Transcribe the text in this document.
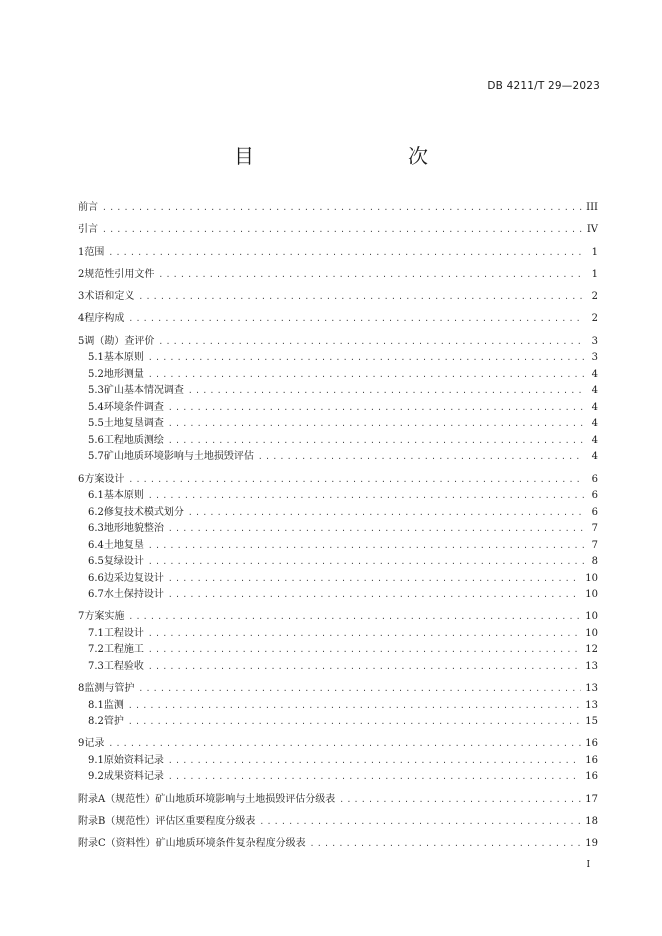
DB 4211/T 29—2023
目　　次
前言 .....	III
引言 .....	IV
1 范围 .....	1
2 规范性引用文件 .....	1
3 术语和定义 .....	2
4 程序构成 .....	2
5 调（勘）查评价 .....	3
5.1 基本原则 .....	3
5.2 地形测量 .....	4
5.3 矿山基本情况调查 .....	4
5.4 环境条件调查 .....	4
5.5 土地复垦调查 .....	4
5.6 工程地质测绘 .....	4
5.7 矿山地质环境影响与土地损毁评估 .....	4
6 方案设计 .....	6
6.1 基本原则 .....	6
6.2 修复技术模式划分 .....	6
6.3 地形地貌整治 .....	7
6.4 土地复垦 .....	7
6.5 复绿设计 .....	8
6.6 边采边复设计 .....	10
6.7 水土保持设计 .....	10
7 方案实施 .....	10
7.1 工程设计 .....	10
7.2 工程施工 .....	12
7.3 工程验收 .....	13
8 监测与管护 .....	13
8.1 监测 .....	13
8.2 管护 .....	15
9 记录 .....	16
9.1 原始资料记录 .....	16
9.2 成果资料记录 .....	16
附录A（规范性）矿山地质环境影响与土地损毁评估分级表 .....	17
附录B（规范性）评估区重要程度分级表 .....	18
附录C（资料性）矿山地质环境条件复杂程度分级表 .....	19
I
